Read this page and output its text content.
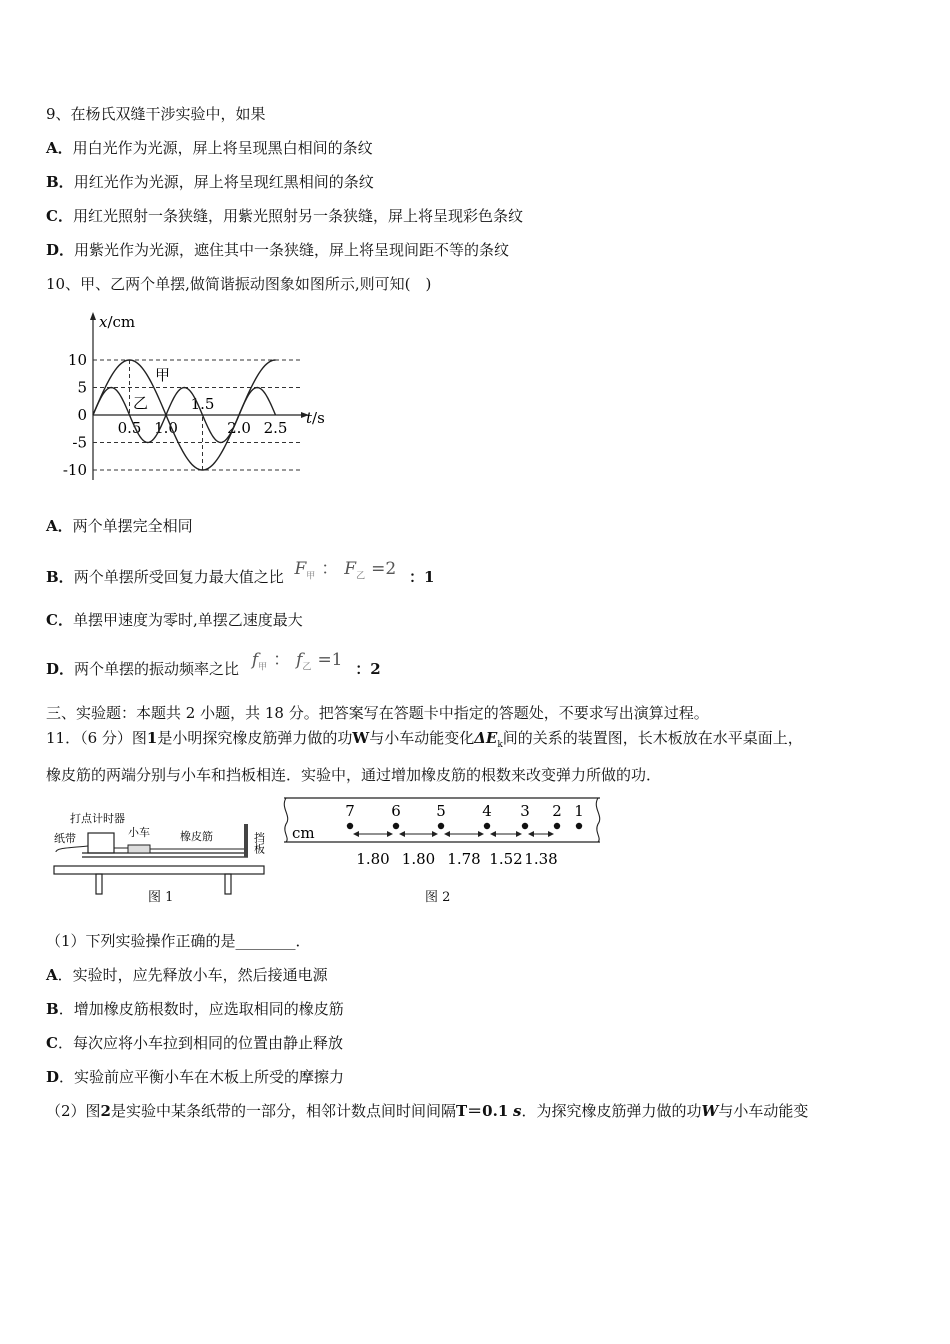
9、在杨氏双缝干涉实验中，如果
A．用白光作为光源，屏上将呈现黑白相间的条纹
B．用红光作为光源，屏上将呈现红黑相间的条纹
C．用红光照射一条狭缝，用紫光照射另一条狭缝，屏上将呈现彩色条纹
D．用紫光作为光源，遮住其中一条狭缝，屏上将呈现间距不等的条纹
10、甲、乙两个单摆,做简谐振动图象如图所示,则可知(　)
x/cm
t/s
10
5
0
-5
-10
0.5 1.0
1.5
2.0 2.5
甲
乙
A．两个单摆完全相同
B．两个单摆所受回复力最大值之比 $F_甲$ ： $F_乙 =2$ ：1
C．单摆甲速度为零时,单摆乙速度最大
D．两个单摆的振动频率之比 $f_甲$ ： $f_乙 =1$ ：2
三、实验题：本题共 2 小题，共 18 分。把答案写在答题卡中指定的答题处，不要求写出演算过程。
11．（6 分）图1是小明探究橡皮筋弹力做的功W与小车动能变化$\Delta E_k$间的关系的装置图，长木板放在水平桌面上，
橡皮筋的两端分别与小车和挡板相连．实验中，通过增加橡皮筋的根数来改变弹力所做的功．
打点计时器
纸带	小车	橡皮筋	挡板
图 1
cm
7 6 5 4 3 2 1
1.80 1.80 1.78 1.52 1.38
图 2
（1）下列实验操作正确的是________．
A．实验时，应先释放小车，然后接通电源
B．增加橡皮筋根数时，应选取相同的橡皮筋
C．每次应将小车拉到相同的位置由静止释放
D．实验前应平衡小车在木板上所受的摩擦力
（2）图2是实验中某条纸带的一部分，相邻计数点间时间间隔T＝0.1 s．为探究橡皮筋弹力做的功W与小车动能变
